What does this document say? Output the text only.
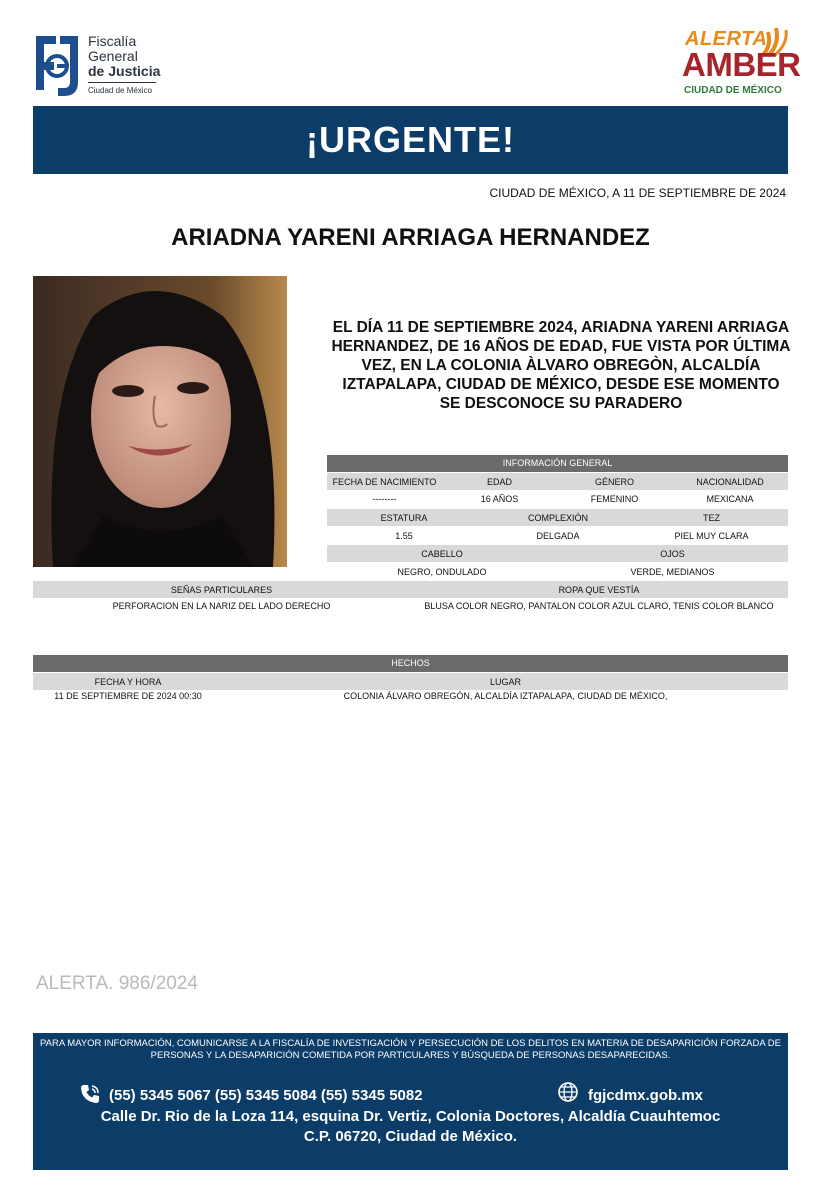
Fiscalía
General
de Justicia
Ciudad de México
ALERTA
AMBER
CIUDAD DE MÉXICO
¡URGENTE!
CIUDAD DE MÉXICO, A 11 DE SEPTIEMBRE DE 2024
ARIADNA YARENI ARRIAGA HERNANDEZ
EL DÍA 11 DE SEPTIEMBRE 2024, ARIADNA YARENI ARRIAGA HERNANDEZ, DE 16 AÑOS DE EDAD, FUE VISTA POR ÚLTIMA VEZ, EN LA COLONIA ÀLVARO OBREGÒN, ALCALDÍA IZTAPALAPA, CIUDAD DE MÉXICO, DESDE ESE MOMENTO SE DESCONOCE SU PARADERO
INFORMACIÓN GENERAL
FECHA DE NACIMIENTO	EDAD	GÉNERO	NACIONALIDAD
--------	16 AÑOS	FEMENINO	MEXICANA
ESTATURA	COMPLEXIÓN	TEZ
1.55	DELGADA	PIEL MUY CLARA
CABELLO	OJOS
NEGRO, ONDULADO	VERDE, MEDIANOS
SEÑAS PARTICULARES	ROPA QUE VESTÍA
PERFORACION EN LA NARIZ DEL LADO DERECHO	BLUSA COLOR NEGRO, PANTALON COLOR AZUL CLARO, TENIS COLOR BLANCO
HECHOS
FECHA Y HORA	LUGAR
11 DE SEPTIEMBRE DE 2024 00:30	COLONIA ÁLVARO OBREGÓN, ALCALDÍA IZTAPALAPA, CIUDAD DE MÉXICO,
ALERTA. 986/2024
PARA MAYOR INFORMACIÓN, COMUNICARSE A LA FISCALÍA DE INVESTIGACIÓN Y PERSECUCIÓN DE LOS DELITOS EN MATERIA DE DESAPARICIÓN FORZADA DE PERSONAS Y LA DESAPARICIÓN COMETIDA POR PARTICULARES Y BÚSQUEDA DE PERSONAS DESAPARECIDAS.
(55) 5345 5067 (55) 5345 5084 (55) 5345 5082	fgjcdmx.gob.mx
Calle Dr. Rio de la Loza 114, esquina Dr. Vertiz, Colonia Doctores, Alcaldía Cuauhtemoc
C.P. 06720, Ciudad de México.
